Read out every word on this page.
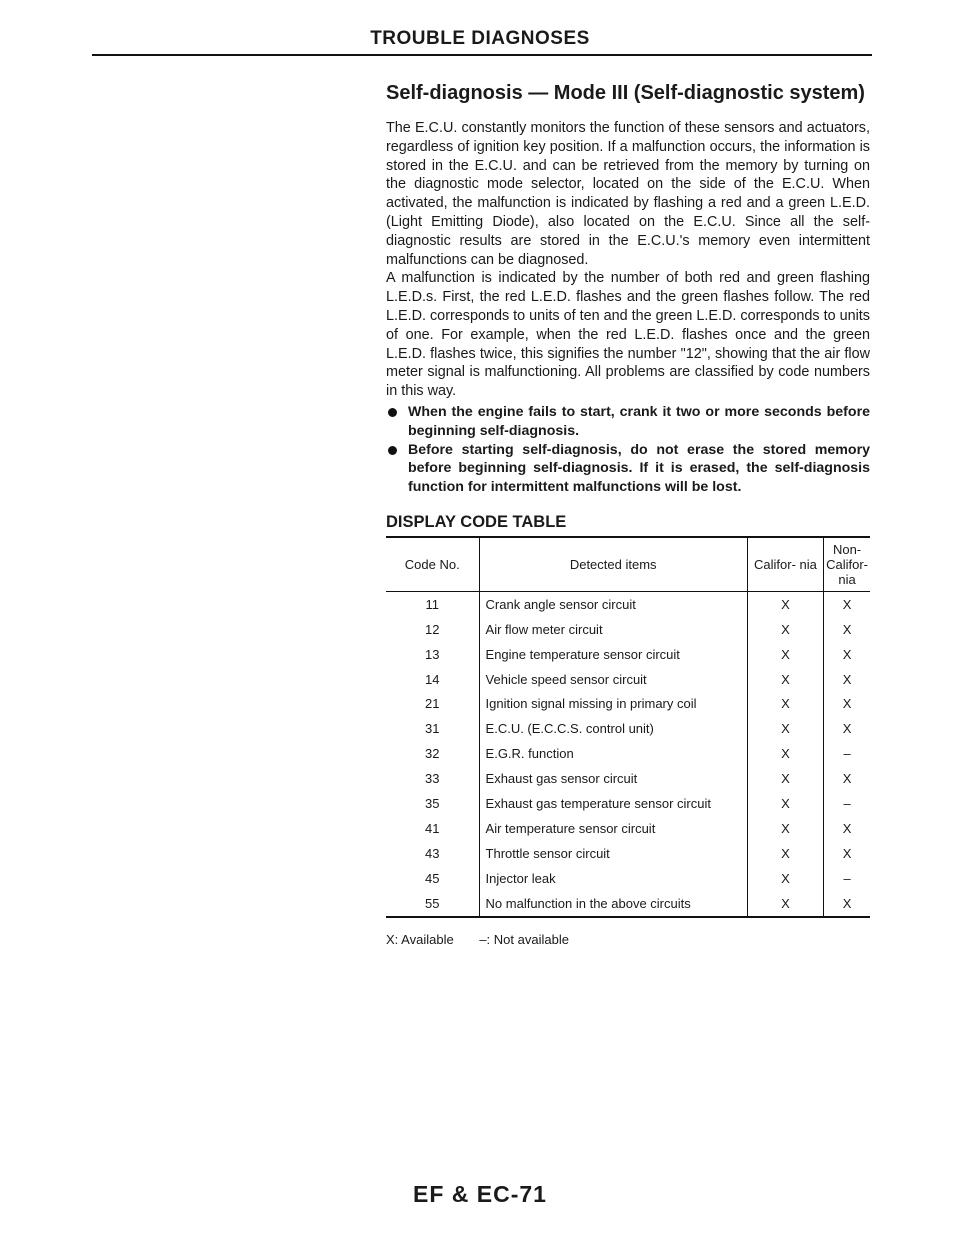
TROUBLE DIAGNOSES
Self-diagnosis — Mode III (Self-diagnostic system)

The E.C.U. constantly monitors the function of these sensors and actuators, regardless of ignition key position. If a malfunction occurs, the information is stored in the E.C.U. and can be retrieved from the memory by turning on the diagnostic mode selector, located on the side of the E.C.U. When activated, the malfunction is indicated by flashing a red and a green L.E.D. (Light Emitting Diode), also located on the E.C.U. Since all the self-diagnostic results are stored in the E.C.U.'s memory even intermittent malfunctions can be diagnosed.

A malfunction is indicated by the number of both red and green flashing L.E.D.s. First, the red L.E.D. flashes and the green flashes follow. The red L.E.D. corresponds to units of ten and the green L.E.D. corresponds to units of one. For example, when the red L.E.D. flashes once and the green L.E.D. flashes twice, this signifies the number "12", showing that the air flow meter signal is malfunctioning. All problems are classified by code numbers in this way.

When the engine fails to start, crank it two or more seconds before beginning self-diagnosis.
Before starting self-diagnosis, do not erase the stored memory before beginning self-diagnosis. If it is erased, the self-diagnosis function for intermittent malfunctions will be lost.
DISPLAY CODE TABLE
Code No.	Detected items	Califor- nia	Non- Califor- nia
11	Crank angle sensor circuit	X	X
12	Air flow meter circuit	X	X
13	Engine temperature sensor circuit	X	X
14	Vehicle speed sensor circuit	X	X
21	Ignition signal missing in primary coil	X	X
31	E.C.U. (E.C.C.S. control unit)	X	X
32	E.G.R. function	X	–
33	Exhaust gas sensor circuit	X	X
35	Exhaust gas temperature sensor circuit	X	–
41	Air temperature sensor circuit	X	X
43	Throttle sensor circuit	X	X
45	Injector leak	X	–
55	No malfunction in the above circuits	X	X
X: Available –: Not available
EF & EC-71
